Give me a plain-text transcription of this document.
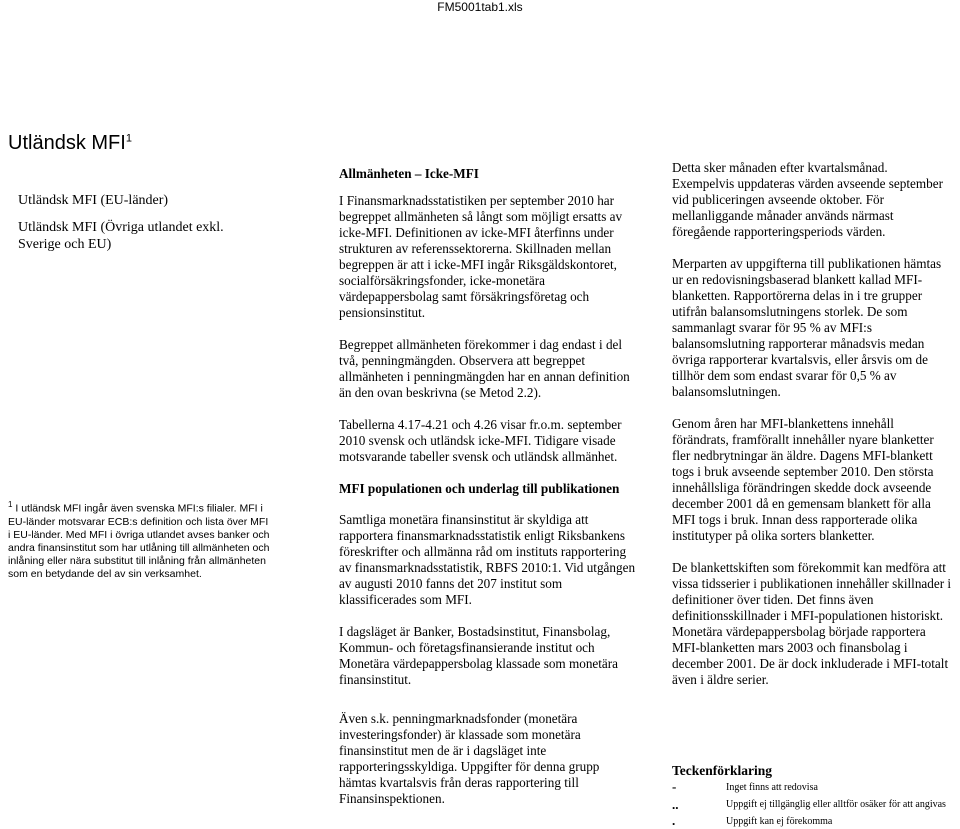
FM5001tab1.xls
Utländsk MFI$^1$
Utländsk MFI (EU-länder)
Utländsk MFI (Övriga utlandet exkl.
Sverige och EU)
$^1$ I utländsk MFI ingår även svenska MFI:s filialer. MFI i EU-länder motsvarar ECB:s definition och lista över MFI i EU-länder. Med MFI i övriga utlandet avses banker och andra finansinstitut som har utlåning till allmänheten och inlåning eller nära substitut till inlåning från allmänheten som en betydande del av sin verksamhet.

Allmänheten – Icke-MFI

I Finansmarknadsstatistiken per september 2010 har begreppet allmänheten så långt som möjligt ersatts av icke-MFI. Definitionen av icke-MFI återfinns under strukturen av referenssektorerna. Skillnaden mellan begreppen är att i icke-MFI ingår Riksgäldskontoret, socialförsäkringsfonder, icke-monetära värdepappersbolag samt försäkringsföretag och pensionsinstitut.

Begreppet allmänheten förekommer i dag endast i del två, penningmängden. Observera att begreppet allmänheten i penningmängden har en annan definition än den ovan beskrivna (se Metod 2.2).

Tabellerna 4.17-4.21 och 4.26 visar fr.o.m. september 2010 svensk och utländsk icke-MFI. Tidigare visade motsvarande tabeller svensk och utländsk allmänhet.

MFI populationen och underlag till publikationen

Samtliga monetära finansinstitut är skyldiga att rapportera finansmarknadsstatistik enligt Riksbankens föreskrifter och allmänna råd om instituts rapportering av finansmarknadsstatistik, RBFS 2010:1. Vid utgången av augusti 2010 fanns det 207 institut som klassificerades som MFI.

I dagsläget är Banker, Bostadsinstitut, Finansbolag, Kommun- och företagsfinansierande institut och Monetära värdepappersbolag klassade som monetära finansinstitut.

Även s.k. penningmarknadsfonder (monetära investeringsfonder) är klassade som monetära finansinstitut men de är i dagsläget inte rapporteringsskyldiga. Uppgifter för denna grupp hämtas kvartalsvis från deras rapportering till Finansinspektionen.

Detta sker månaden efter kvartalsmånad. Exempelvis uppdateras värden avseende september vid publiceringen avseende oktober. För mellanliggande månader används närmast föregående rapporteringsperiods värden.

Merparten av uppgifterna till publikationen hämtas ur en redovisningsbaserad blankett kallad MFI-blanketten. Rapportörerna delas in i tre grupper utifrån balansomslutningens storlek. De som sammanlagt svarar för 95 % av MFI:s balansomslutning rapporterar månadsvis medan övriga rapporterar kvartalsvis, eller årsvis om de tillhör dem som endast svarar för 0,5 % av balansomslutningen.

Genom åren har MFI-blankettens innehåll förändrats, framförallt innehåller nyare blanketter fler nedbrytningar än äldre. Dagens MFI-blankett togs i bruk avseende september 2010. Den största innehållsliga förändringen skedde dock avseende december 2001 då en gemensam blankett för alla MFI togs i bruk. Innan dess rapporterade olika institutyper på olika sorters blanketter.

De blankettskiften som förekommit kan medföra att vissa tidsserier i publikationen innehåller skillnader i definitioner över tiden. Det finns även definitionsskillnader i MFI-populationen historiskt. Monetära värdepappersbolag började rapportera MFI-blanketten mars 2003 och finansbolag i december 2001. De är dock inkluderade i MFI-totalt även i äldre serier.

Teckenförklaring
-	Inget finns att redovisa
..	Uppgift ej tillgänglig eller alltför osäker för att angivas
.	Uppgift kan ej förekomma
